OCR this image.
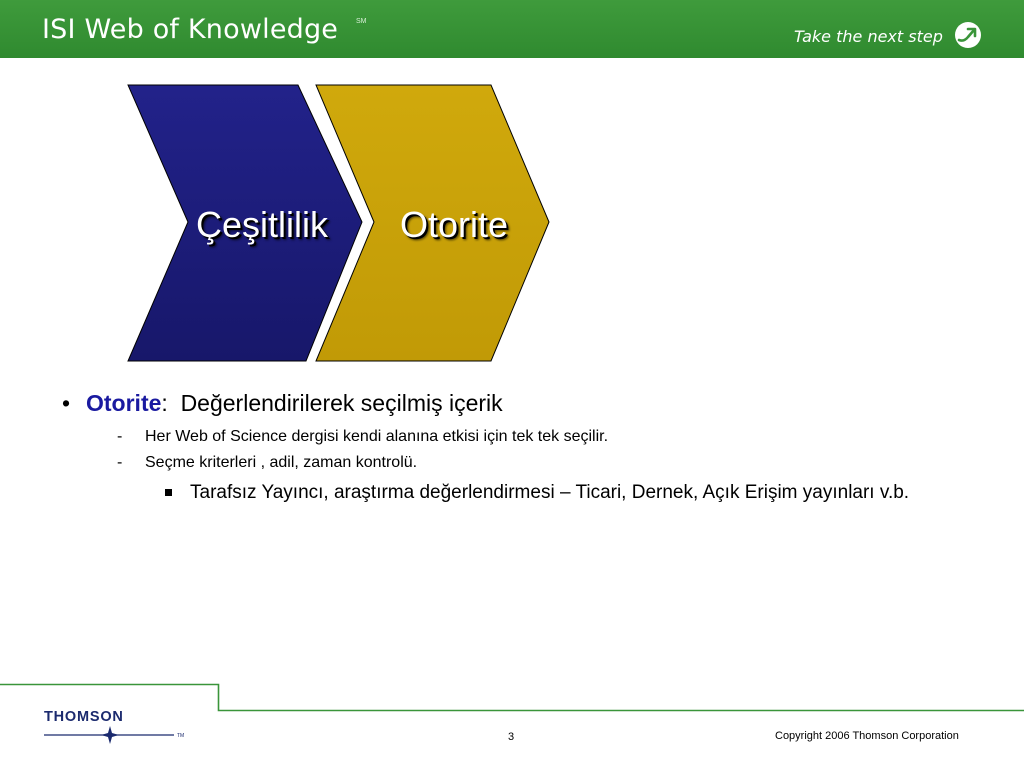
ISI Web of Knowledge	SM
Take the next step
Çeşitlilik Otorite
• Otorite: Değerlendirilerek seçilmiş içerik
- Her Web of Science dergisi kendi alanına etkisi için tek tek seçilir.
- Seçme kriterleri , adil, zaman kontrolü.
Tarafsız Yayıncı, araştırma değerlendirmesi – Ticari, Dernek, Açık Erişim yayınları v.b.
THOMSON
TM	3	Copyright 2006 Thomson Corporation
